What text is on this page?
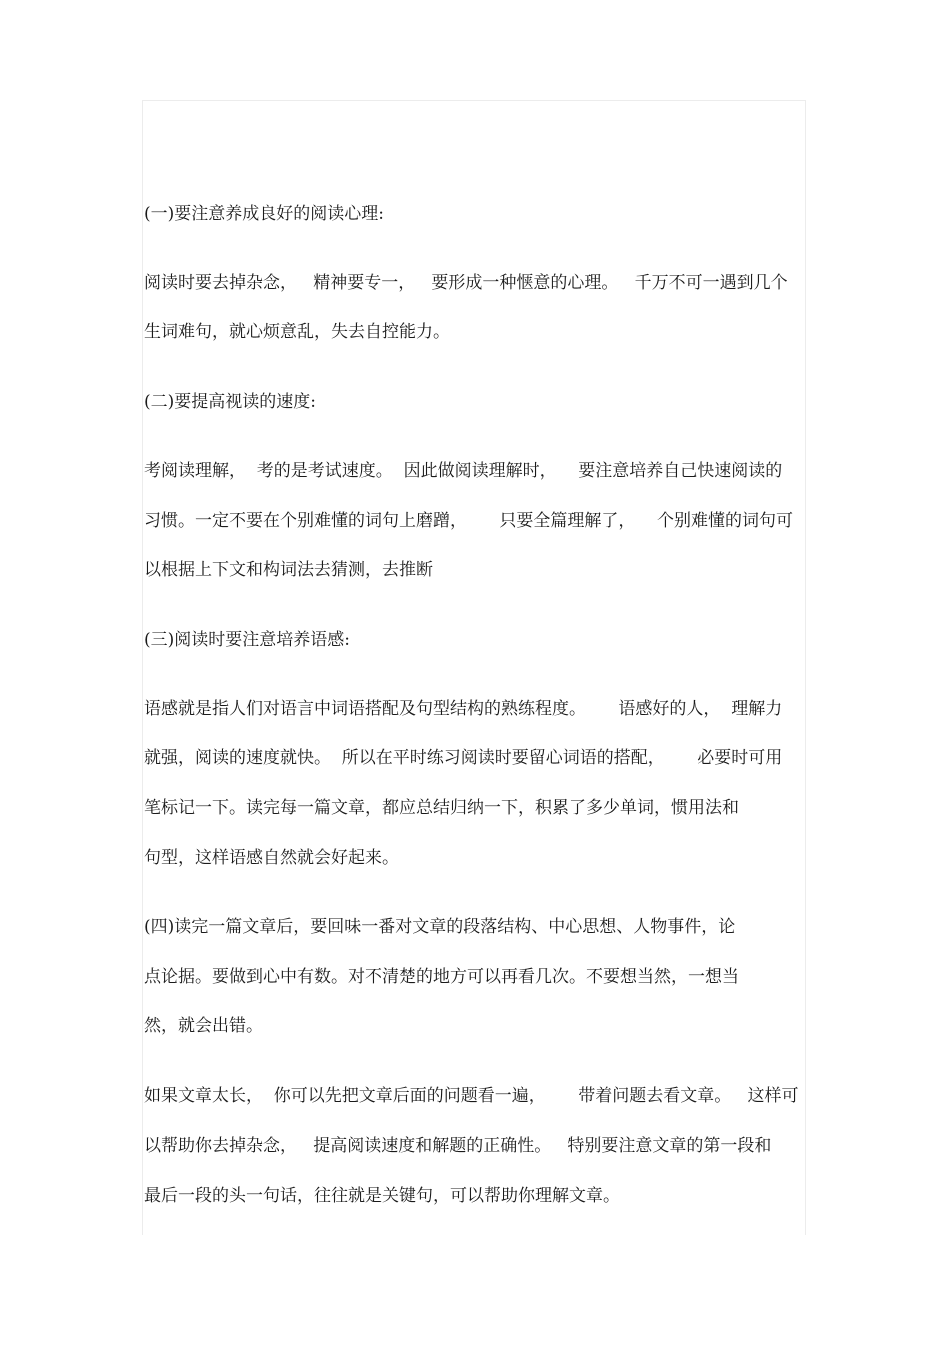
(一)要注意养成良好的阅读心理:

阅读时要去掉杂念，   精神要专一，   要形成一种惬意的心理。   千万不可一遇到几个

生词难句，就心烦意乱，失去自控能力。

(二)要提高视读的速度:

考阅读理解，  考的是考试速度。  因此做阅读理解时，    要注意培养自己快速阅读的

习惯。一定不要在个别难懂的词句上磨蹭，      只要全篇理解了，    个别难懂的词句可

以根据上下文和构词法去猜测，去推断

(三)阅读时要注意培养语感:

语感就是指人们对语言中词语搭配及句型结构的熟练程度。      语感好的人，  理解力

就强，阅读的速度就快。  所以在平时练习阅读时要留心词语的搭配，      必要时可用

笔标记一下。读完每一篇文章，都应总结归纳一下，积累了多少单词，惯用法和

句型，这样语感自然就会好起来。

(四)读完一篇文章后，要回味一番对文章的段落结构、中心思想、人物事件，论

点论据。要做到心中有数。对不清楚的地方可以再看几次。不要想当然，一想当

然，就会出错。

如果文章太长，  你可以先把文章后面的问题看一遍，      带着问题去看文章。   这样可

以帮助你去掉杂念，   提高阅读速度和解题的正确性。   特别要注意文章的第一段和

最后一段的头一句话，往往就是关键句，可以帮助你理解文章。
